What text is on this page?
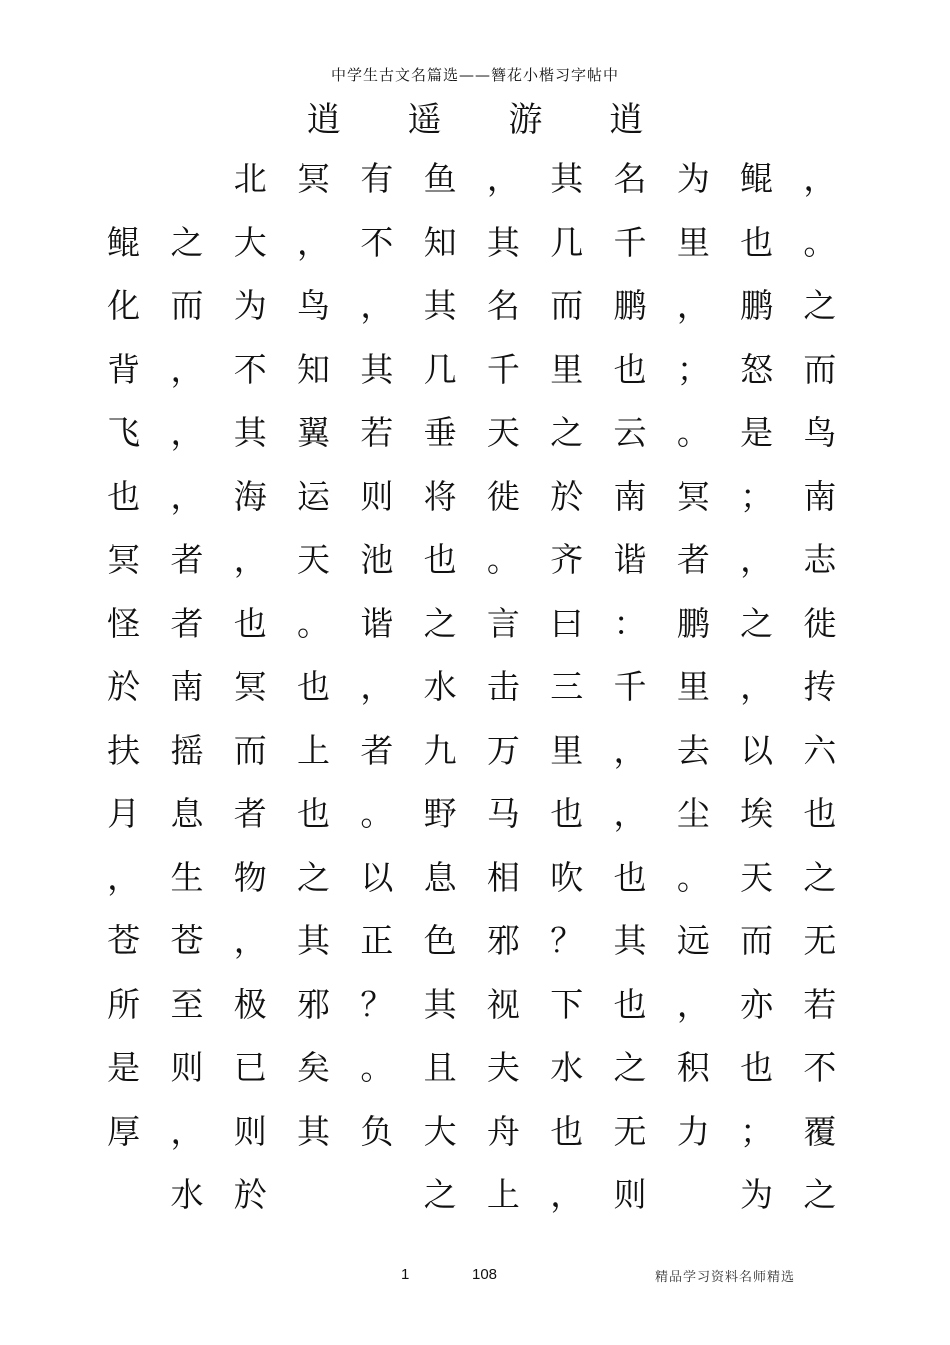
中学生古文名篇选——簪花小楷习字帖中
逍 遥 游 逍
北 冥 有 鱼 ， 其 名 为 鲲 ，
鲲 之 大 ， 不 知 其 几 千 里 也 。
化 而 为 鸟 ， 其 名 而 鹏 ， 鹏 之
背 ， 不 知 其 几 千 里 也 ； 怒 而
飞 ， 其 翼 若 垂 天 之 云 。 是 鸟
也 ， 海 运 则 将 徙 於 南 冥 ； 南
冥 者 ， 天 池 也 。 齐 谐 者 ， 志
怪 者 也 。 谐 之 言 曰 ： 鹏 之 徙
於 南 冥 也 ， 水 击 三 千 里 ， 抟
扶 摇 而 上 者 九 万 里 ， 去 以 六
月 息 者 也 。 野 马 也 ， 尘 埃 也
， 生 物 之 以 息 相 吹 也 。 天 之
苍 苍 ， 其 正 色 邪 ？ 其 远 而 无
所 至 极 邪 ？ 其 视 下 也 ， 亦 若
是 则 已 矣 。 且 夫 水 之 积 也 不
厚 ， 则 其 负 大 舟 也 无 力 ； 覆
水 於	之 上 ， 则	为 之
1	108	精品学习资料名师精选
